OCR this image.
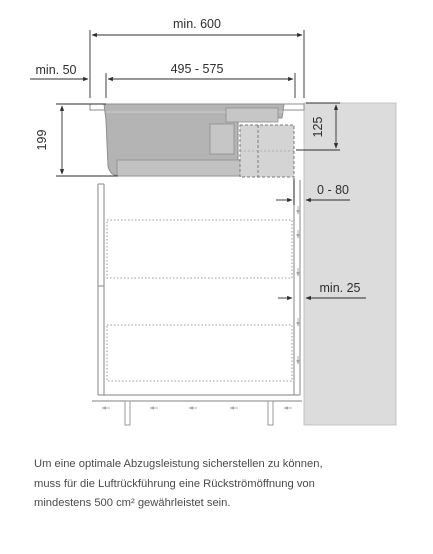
min. 600
min. 50	495 - 575
199
125
0 - 80
min. 25

Um eine optimale Abzugsleistung sicherstellen zu können,

muss für die Luftrückführung eine Rückströmöffnung von

mindestens 500 cm² gewährleistet sein.
